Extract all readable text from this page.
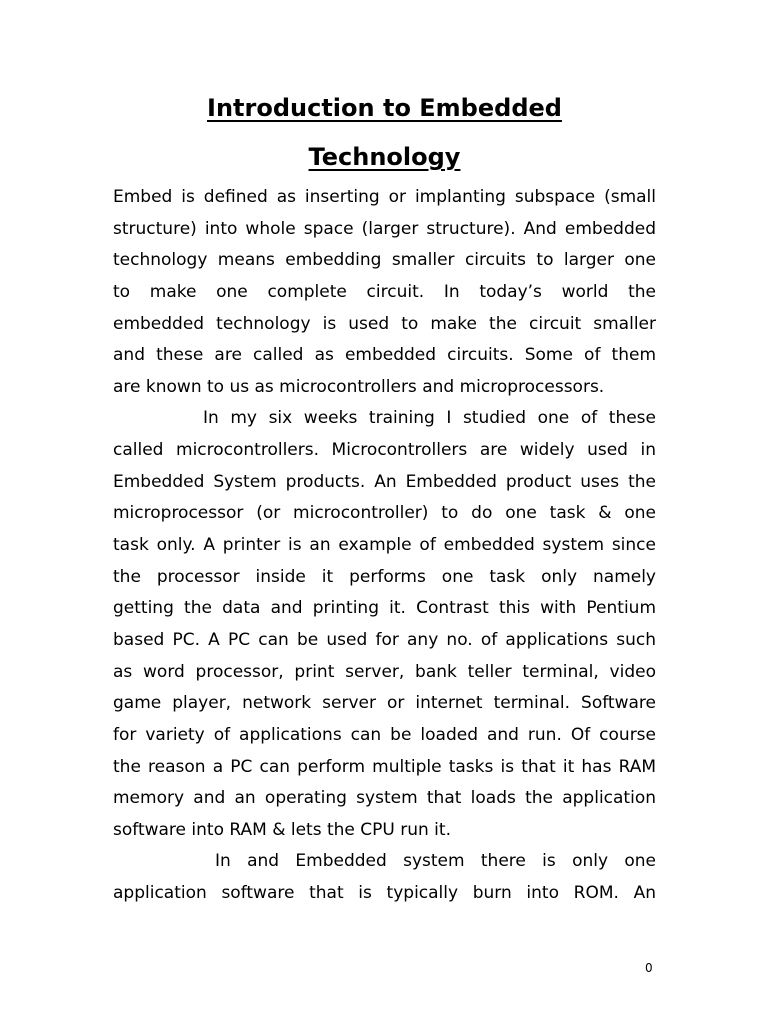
Introduction to Embedded
Technology
Embed is defined as inserting or implanting subspace (small
structure) into whole space (larger structure). And embedded
technology means embedding smaller circuits to larger one
to make one complete circuit. In today’s world the
embedded technology is used to make the circuit smaller
and these are called as embedded circuits. Some of them
are known to us as microcontrollers and microprocessors.
In my six weeks training I studied one of these
called microcontrollers. Microcontrollers are widely used in
Embedded System products. An Embedded product uses the
microprocessor (or microcontroller) to do one task & one
task only. A printer is an example of embedded system since
the processor inside it performs one task only namely
getting the data and printing it. Contrast this with Pentium
based PC. A PC can be used for any no. of applications such
as word processor, print server, bank teller terminal, video
game player, network server or internet terminal. Software
for variety of applications can be loaded and run. Of course
the reason a PC can perform multiple tasks is that it has RAM
memory and an operating system that loads the application
software into RAM & lets the CPU run it.
In and Embedded system there is only one
application software that is typically burn into ROM. An
0
